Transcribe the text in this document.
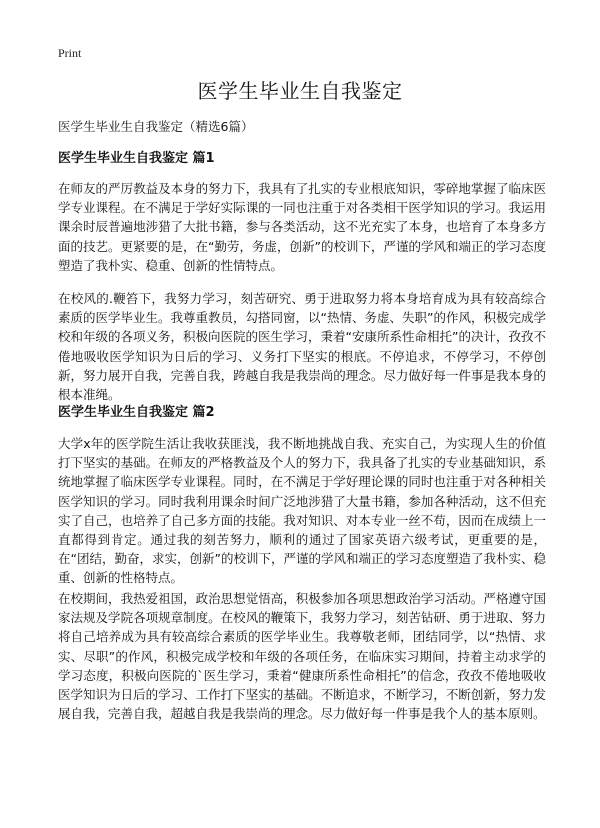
Print
医学生毕业生自我鉴定
医学生毕业生自我鉴定（精选6篇）
医学生毕业生自我鉴定 篇1

在师友的严厉教益及本身的努力下，我具有了扎实的专业根底知识，零碎地掌握了临床医学专业课程。在不满足于学好实际课的一同也注重于对各类相干医学知识的学习。我运用课余时辰普遍地涉猎了大批书籍，参与各类活动，这不光充实了本身，也培育了本身多方面的技艺。更紧要的是，在“勤劳，务虚，创新”的校训下，严谨的学风和端正的学习态度塑造了我朴实、稳重、创新的性情特点。

在校风的.鞭笞下，我努力学习，刻苦研究、勇于进取努力将本身培育成为具有较高综合素质的医学毕业生。我尊重教员，勾搭同窗，以“热情、务虚、失职”的作风，积极完成学校和年级的各项义务，积极向医院的医生学习，秉着“安康所系性命相托”的决计，孜孜不倦地吸收医学知识为日后的学习、义务打下坚实的根底。不停追求，不停学习，不停创新，努力展开自我，完善自我，跨越自我是我崇尚的理念。尽力做好每一件事是我本身的根本准绳。

医学生毕业生自我鉴定 篇2

大学x年的医学院生活让我收获匪浅，我不断地挑战自我、充实自己，为实现人生的价值打下坚实的基础。在师友的严格教益及个人的努力下，我具备了扎实的专业基础知识，系统地掌握了临床医学专业课程。同时，在不满足于学好理论课的同时也注重于对各种相关医学知识的学习。同时我利用课余时间广泛地涉猎了大量书籍，参加各种活动，这不但充实了自己，也培养了自己多方面的技能。我对知识、对本专业一丝不苟，因而在成绩上一直都得到肯定。通过我的刻苦努力，顺利的通过了国家英语六级考试，更重要的是，在“团结，勤奋，求实，创新”的校训下，严谨的学风和端正的学习态度塑造了我朴实、稳重、创新的性格特点。

在校期间，我热爱祖国，政治思想觉悟高，积极参加各项思想政治学习活动。严格遵守国家法规及学院各项规章制度。在校风的鞭策下，我努力学习，刻苦钻研、勇于进取、努力将自己培养成为具有较高综合素质的医学毕业生。我尊敬老师，团结同学，以“热情、求实、尽职”的作风，积极完成学校和年级的各项任务，在临床实习期间，持着主动求学的学习态度，积极向医院的`医生学习，秉着“健康所系性命相托”的信念，孜孜不倦地吸收医学知识为日后的学习、工作打下坚实的基础。不断追求，不断学习，不断创新，努力发展自我，完善自我，超越自我是我崇尚的理念。尽力做好每一件事是我个人的基本原则。
